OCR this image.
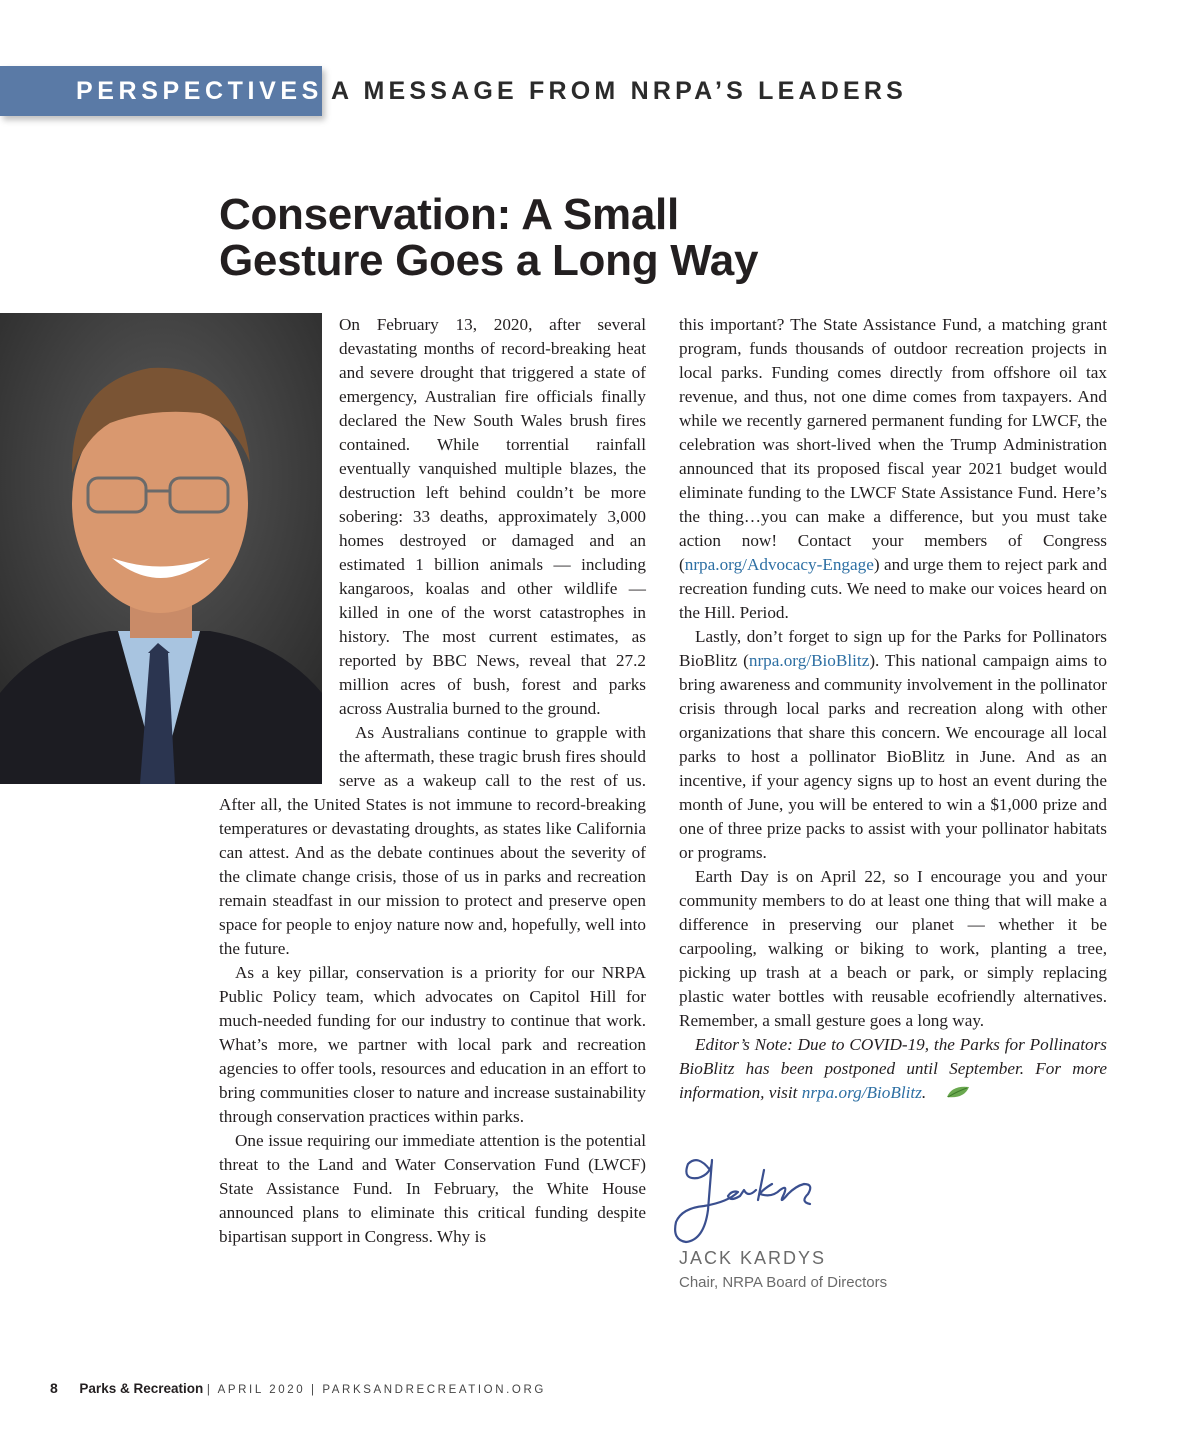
PERSPECTIVES A MESSAGE FROM NRPA’S LEADERS

Conservation: A Small
Gesture Goes a Long Way

On February 13, 2020, after several devastating months of record-breaking heat and severe drought that triggered a state of emergency, Australian fire officials finally declared the New South Wales brush fires contained. While torrential rainfall eventually vanquished multiple blazes, the destruction left behind couldn’t be more sobering: 33 deaths, approximately 3,000 homes destroyed or damaged and an estimated 1 billion animals — including kangaroos, koalas and other wildlife — killed in one of the worst catastrophes in history. The most current estimates, as reported by BBC News, reveal that 27.2 million acres of bush, forest and parks across Australia burned to the ground.

As Australians continue to grapple with the aftermath, these tragic brush fires should serve as a wakeup call to the rest of us. After all, the United States is not immune to record-breaking temperatures or devastating droughts, as states like California can attest. And as the debate continues about the severity of the climate change crisis, those of us in parks and recreation remain steadfast in our mission to protect and preserve open space for people to enjoy nature now and, hopefully, well into the future.

As a key pillar, conservation is a priority for our NRPA Public Policy team, which advocates on Capitol Hill for much-needed funding for our industry to continue that work. What’s more, we partner with local park and recreation agencies to offer tools, resources and education in an effort to bring communities closer to nature and increase sustainability through conservation practices within parks.

One issue requiring our immediate attention is the potential threat to the Land and Water Conservation Fund (LWCF) State Assistance Fund. In February, the White House announced plans to eliminate this critical funding despite bipartisan support in Congress. Why is

this important? The State Assistance Fund, a matching grant program, funds thousands of outdoor recreation projects in local parks. Funding comes directly from offshore oil tax revenue, and thus, not one dime comes from taxpayers. And while we recently garnered permanent funding for LWCF, the celebration was short-lived when the Trump Administration announced that its proposed fiscal year 2021 budget would eliminate funding to the LWCF State Assistance Fund. Here’s the thing…you can make a difference, but you must take action now! Contact your members of Congress (nrpa.org/Advocacy-Engage) and urge them to reject park and recreation funding cuts. We need to make our voices heard on the Hill. Period.

Lastly, don’t forget to sign up for the Parks for Pollinators BioBlitz (nrpa.org/BioBlitz). This national campaign aims to bring awareness and community involvement in the pollinator crisis through local parks and recreation along with other organizations that share this concern. We encourage all local parks to host a pollinator BioBlitz in June. And as an incentive, if your agency signs up to host an event during the month of June, you will be entered to win a $1,000 prize and one of three prize packs to assist with your pollinator habitats or programs.

Earth Day is on April 22, so I encourage you and your community members to do at least one thing that will make a difference in preserving our planet — whether it be carpooling, walking or biking to work, planting a tree, picking up trash at a beach or park, or simply replacing plastic water bottles with reusable ecofriendly alternatives. Remember, a small gesture goes a long way.

Editor’s Note: Due to COVID-19, the Parks for Pollinators BioBlitz has been postponed until September. For more information, visit nrpa.org/BioBlitz.

JACK KARDYS

Chair, NRPA Board of Directors

8 Parks & Recreation | APRIL 2020 | PARKSANDRECREATION.ORG
